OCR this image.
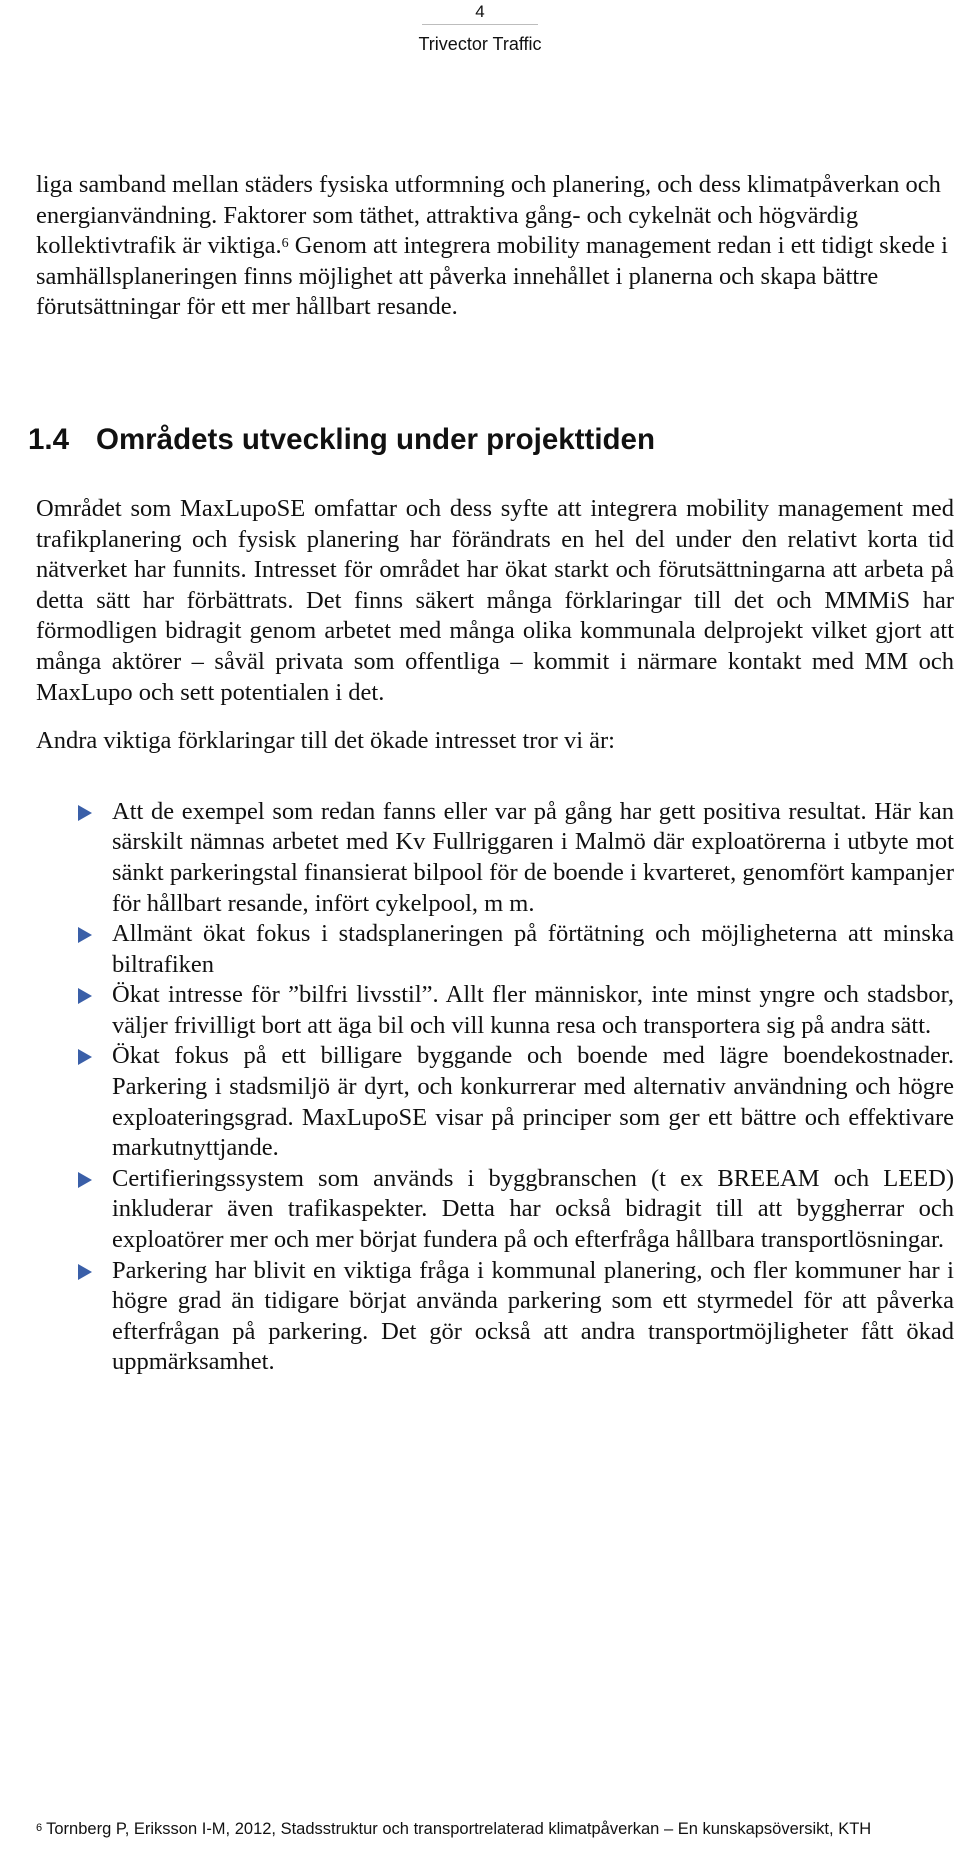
4
Trivector Traffic

liga samband mellan städers fysiska utformning och planering, och dess klimatpåverkan och energianvändning. Faktorer som täthet, attraktiva gång- och cykelnät och högvärdig kollektivtrafik är viktiga.$^6$ Genom att integrera mobility management redan i ett tidigt skede i samhällsplaneringen finns möjlighet att påverka innehållet i planerna och skapa bättre förutsättningar för ett mer hållbart resande.

1.4 Områdets utveckling under projekttiden

Området som MaxLupoSE omfattar och dess syfte att integrera mobility management med trafikplanering och fysisk planering har förändrats en hel del under den relativt korta tid nätverket har funnits. Intresset för området har ökat starkt och förutsättningarna att arbeta på detta sätt har förbättrats. Det finns säkert många förklaringar till det och MMMiS har förmodligen bidragit genom arbetet med många olika kommunala delprojekt vilket gjort att många aktörer – såväl privata som offentliga – kommit i närmare kontakt med MM och MaxLupo och sett potentialen i det.

Andra viktiga förklaringar till det ökade intresset tror vi är:

Att de exempel som redan fanns eller var på gång har gett positiva resultat. Här kan särskilt nämnas arbetet med Kv Fullriggaren i Malmö där exploatörerna i utbyte mot sänkt parkeringstal finansierat bilpool för de boende i kvarteret, genomfört kampanjer för hållbart resande, infört cykelpool, m m.
Allmänt ökat fokus i stadsplaneringen på förtätning och möjligheterna att minska biltrafiken
Ökat intresse för ”bilfri livsstil”. Allt fler människor, inte minst yngre och stadsbor, väljer frivilligt bort att äga bil och vill kunna resa och transportera sig på andra sätt.
Ökat fokus på ett billigare byggande och boende med lägre boendekostnader. Parkering i stadsmiljö är dyrt, och konkurrerar med alternativ användning och högre exploateringsgrad. MaxLupoSE visar på principer som ger ett bättre och effektivare markutnyttjande.
Certifieringssystem som används i byggbranschen (t ex BREEAM och LEED) inkluderar även trafikaspekter. Detta har också bidragit till att byggherrar och exploatörer mer och mer börjat fundera på och efterfråga hållbara transportlösningar.
Parkering har blivit en viktiga fråga i kommunal planering, och fler kommuner har i högre grad än tidigare börjat använda parkering som ett styrmedel för att påverka efterfrågan på parkering. Det gör också att andra transportmöjligheter fått ökad uppmärksamhet.
$^6$ Tornberg P, Eriksson I-M, 2012, Stadsstruktur och transportrelaterad klimatpåverkan – En kunskapsöversikt, KTH
